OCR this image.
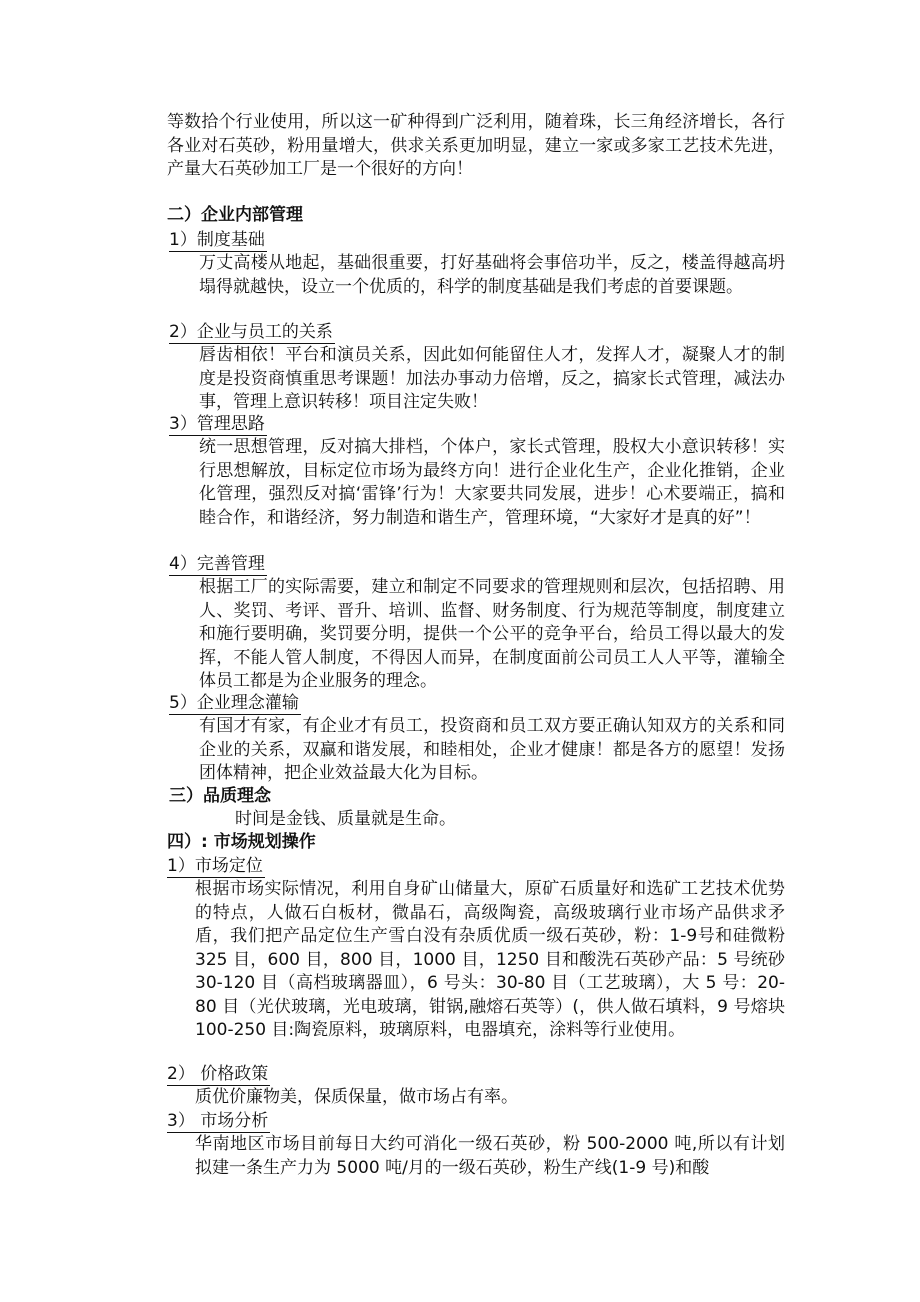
等数拾个行业使用，所以这一矿种得到广泛利用，随着珠，长三角经济增长，各行各业对石英砂，粉用量增大，供求关系更加明显，建立一家或多家工艺技术先进，产量大石英砂加工厂是一个很好的方向！
二）企业内部管理
1）制度基础
万丈高楼从地起，基础很重要，打好基础将会事倍功半，反之，楼盖得越高坍塌得就越快，设立一个优质的，科学的制度基础是我们考虑的首要课题。
2）企业与员工的关系
唇齿相依！平台和演员关系，因此如何能留住人才，发挥人才，凝聚人才的制度是投资商慎重思考课题！加法办事动力倍增，反之，搞家长式管理，减法办事，管理上意识转移！项目注定失败！
3）管理思路
统一思想管理，反对搞大排档，个体户，家长式管理，股权大小意识转移！实行思想解放，目标定位市场为最终方向！进行企业化生产，企业化推销，企业化管理，强烈反对搞‘雷锋’行为！大家要共同发展，进步！心术要端正，搞和睦合作，和谐经济，努力制造和谐生产，管理环境，“大家好才是真的好”！
4）完善管理
根据工厂的实际需要，建立和制定不同要求的管理规则和层次，包括招聘、用人、奖罚、考评、晋升、培训、监督、财务制度、行为规范等制度，制度建立和施行要明确，奖罚要分明，提供一个公平的竞争平台，给员工得以最大的发挥，不能人管人制度，不得因人而异，在制度面前公司员工人人平等，灌输全体员工都是为企业服务的理念。
5）企业理念灌输
有国才有家，有企业才有员工，投资商和员工双方要正确认知双方的关系和同企业的关系，双赢和谐发展，和睦相处，企业才健康！都是各方的愿望！发扬团体精神，把企业效益最大化为目标。
三）品质理念
时间是金钱、质量就是生命。
四）: 市场规划操作
1）市场定位
根据市场实际情况，利用自身矿山储量大，原矿石质量好和选矿工艺技术优势的特点，人做石白板材，微晶石，高级陶瓷，高级玻璃行业市场产品供求矛盾，我们把产品定位生产雪白没有杂质优质一级石英砂，粉：1-9号和硅微粉 325 目，600 目，800 目，1000 目，1250 目和酸洗石英砂产品：5 号统砂 30-120 目（高档玻璃器皿），6 号头：30-80 目（工艺玻璃），大 5 号：20-80 目（光伏玻璃，光电玻璃，钳锅,融熔石英等）(，供人做石填料，9 号熔块 100-250 目:陶瓷原料，玻璃原料，电器填充，涂料等行业使用。
2） 价格政策
质优价廉物美，保质保量，做市场占有率。
3） 市场分析
华南地区市场目前每日大约可消化一级石英砂，粉 500-2000 吨,所以有计划拟建一条生产力为 5000 吨/月的一级石英砂，粉生产线(1-9 号)和酸
